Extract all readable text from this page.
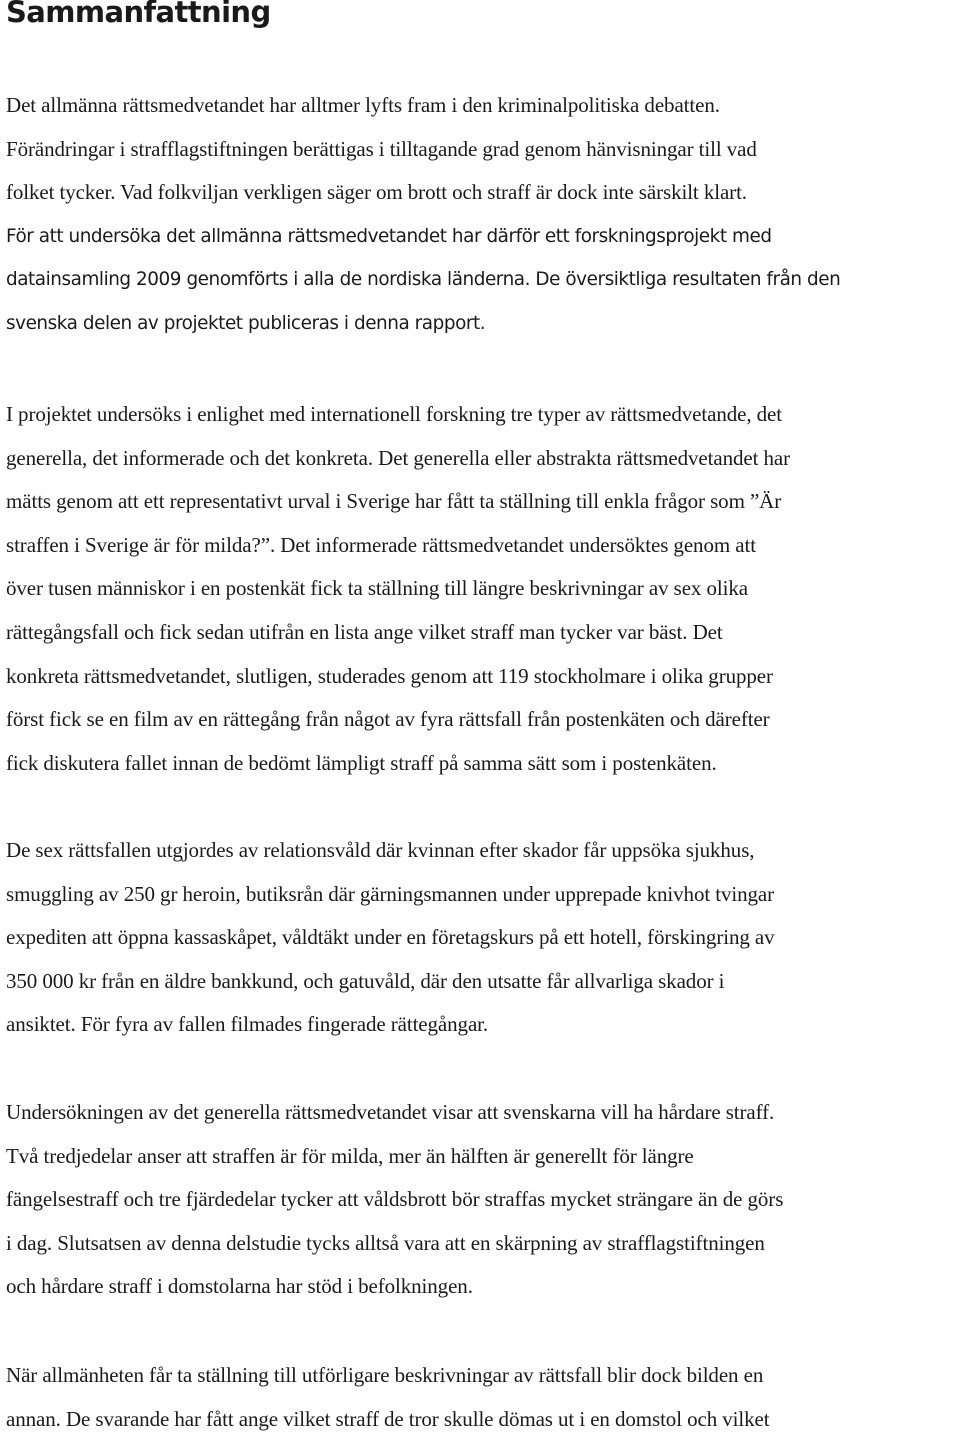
Sammanfattning
Det allmänna rättsmedvetandet har alltmer lyfts fram i den kriminalpolitiska debatten.
Förändringar i strafflagstiftningen berättigas i tilltagande grad genom hänvisningar till vad
folket tycker. Vad folkviljan verkligen säger om brott och straff är dock inte särskilt klart.
För att undersöka det allmänna rättsmedvetandet har därför ett forskningsprojekt med
datainsamling 2009 genomförts i alla de nordiska länderna. De översiktliga resultaten från den
svenska delen av projektet publiceras i denna rapport.
I projektet undersöks i enlighet med internationell forskning tre typer av rättsmedvetande, det
generella, det informerade och det konkreta. Det generella eller abstrakta rättsmedvetandet har
mätts genom att ett representativt urval i Sverige har fått ta ställning till enkla frågor som ”Är
straffen i Sverige är för milda?”. Det informerade rättsmedvetandet undersöktes genom att
över tusen människor i en postenkät fick ta ställning till längre beskrivningar av sex olika
rättegångsfall och fick sedan utifrån en lista ange vilket straff man tycker var bäst. Det
konkreta rättsmedvetandet, slutligen, studerades genom att 119 stockholmare i olika grupper
först fick se en film av en rättegång från något av fyra rättsfall från postenkäten och därefter
fick diskutera fallet innan de bedömt lämpligt straff på samma sätt som i postenkäten.
De sex rättsfallen utgjordes av relationsvåld där kvinnan efter skador får uppsöka sjukhus,
smuggling av 250 gr heroin, butiksrån där gärningsmannen under upprepade knivhot tvingar
expediten att öppna kassaskåpet, våldtäkt under en företagskurs på ett hotell, förskingring av
350 000 kr från en äldre bankkund, och gatuvåld, där den utsatte får allvarliga skador i
ansiktet. För fyra av fallen filmades fingerade rättegångar.
Undersökningen av det generella rättsmedvetandet visar att svenskarna vill ha hårdare straff.
Två tredjedelar anser att straffen är för milda, mer än hälften är generellt för längre
fängelsestraff och tre fjärdedelar tycker att våldsbrott bör straffas mycket strängare än de görs
i dag. Slutsatsen av denna delstudie tycks alltså vara att en skärpning av strafflagstiftningen
och hårdare straff i domstolarna har stöd i befolkningen.
När allmänheten får ta ställning till utförligare beskrivningar av rättsfall blir dock bilden en
annan. De svarande har fått ange vilket straff de tror skulle dömas ut i en domstol och vilket
